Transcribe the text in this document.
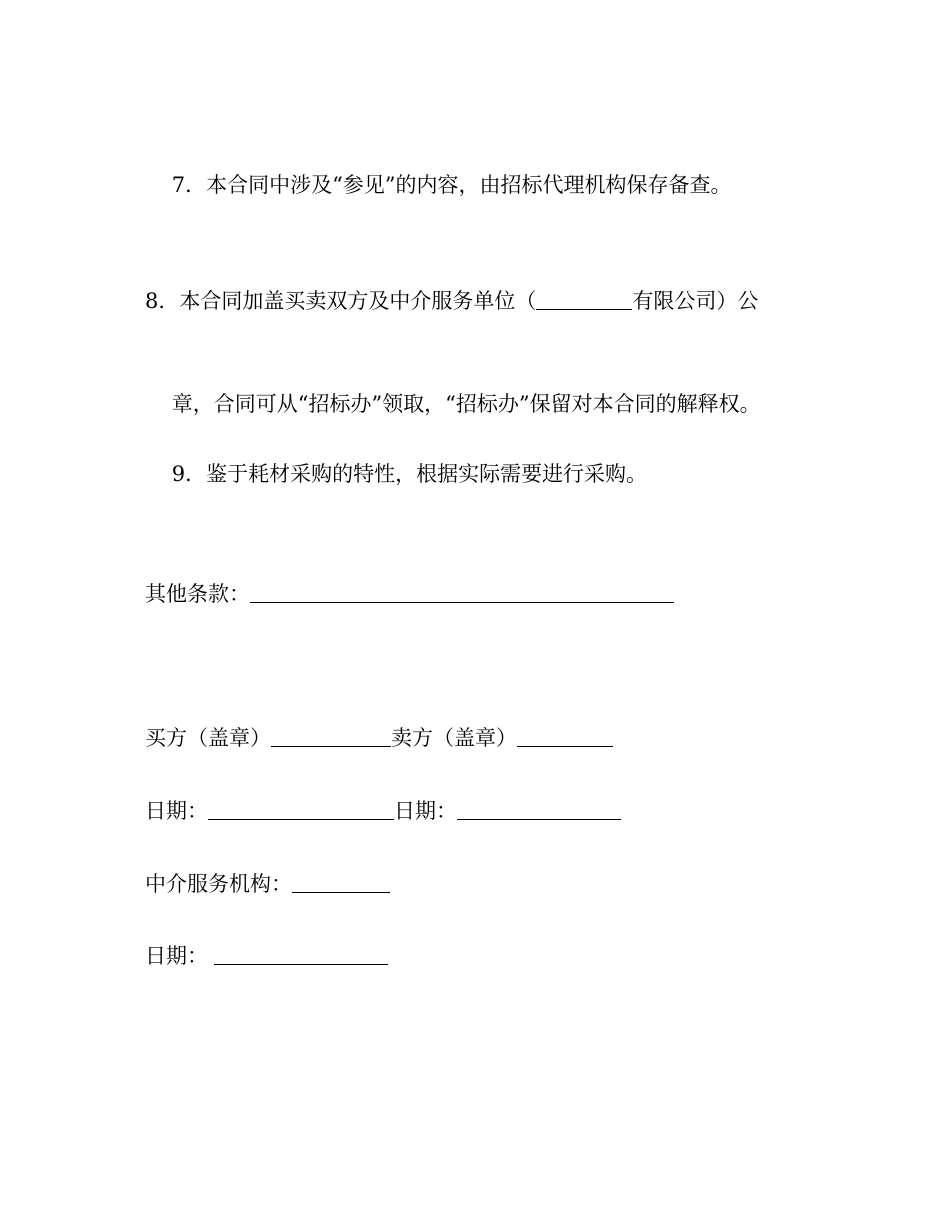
7．本合同中涉及“参见”的内容，由招标代理机构保存备查。

8．本合同加盖买卖双方及中介服务单位（	有限公司）公

章，合同可从“招标办”领取，“招标办”保留对本合同的解释权。

9．鉴于耗材采购的特性，根据实际需要进行采购。

其他条款：
买方（盖章）	卖方（盖章）
日期：	日期：
中介服务机构：
日期：
